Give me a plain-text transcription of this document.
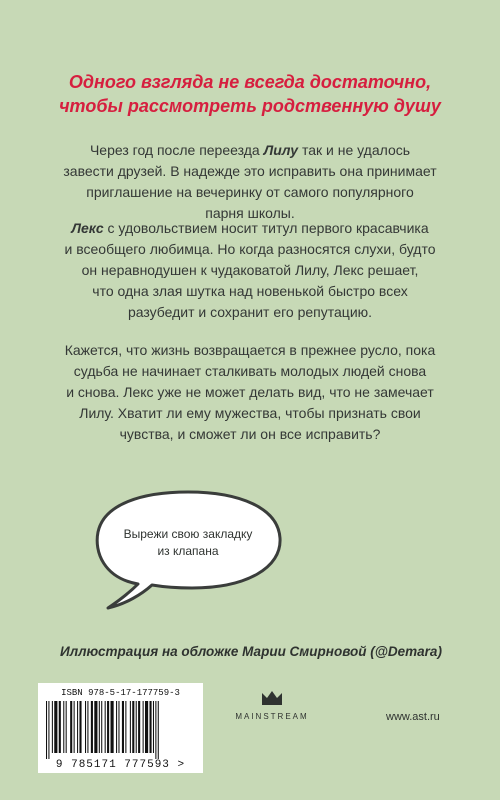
Одного взгляда не всегда достаточно,
чтобы рассмотреть родственную душу
Через год после переезда Лилу так и не удалось
завести друзей. В надежде это исправить она принимает
приглашение на вечеринку от самого популярного
парня школы.
Лекс с удовольствием носит титул первого красавчика
и всеобщего любимца. Но когда разносятся слухи, будто
он неравнодушен к чудаковатой Лилу, Лекс решает,
что одна злая шутка над новенькой быстро всех
разубедит и сохранит его репутацию.
Кажется, что жизнь возвращается в прежнее русло, пока
судьба не начинает сталкивать молодых людей снова
и снова. Лекс уже не может делать вид, что не замечает
Лилу. Хватит ли ему мужества, чтобы признать свои
чувства, и сможет ли он все исправить?
Вырежи свою закладку
из клапана
Иллюстрация на обложке Марии Смирновой (@Demara)
ISBN 978-5-17-177759-3
9 785171 777593 >
MAINSTREAM	www.ast.ru
